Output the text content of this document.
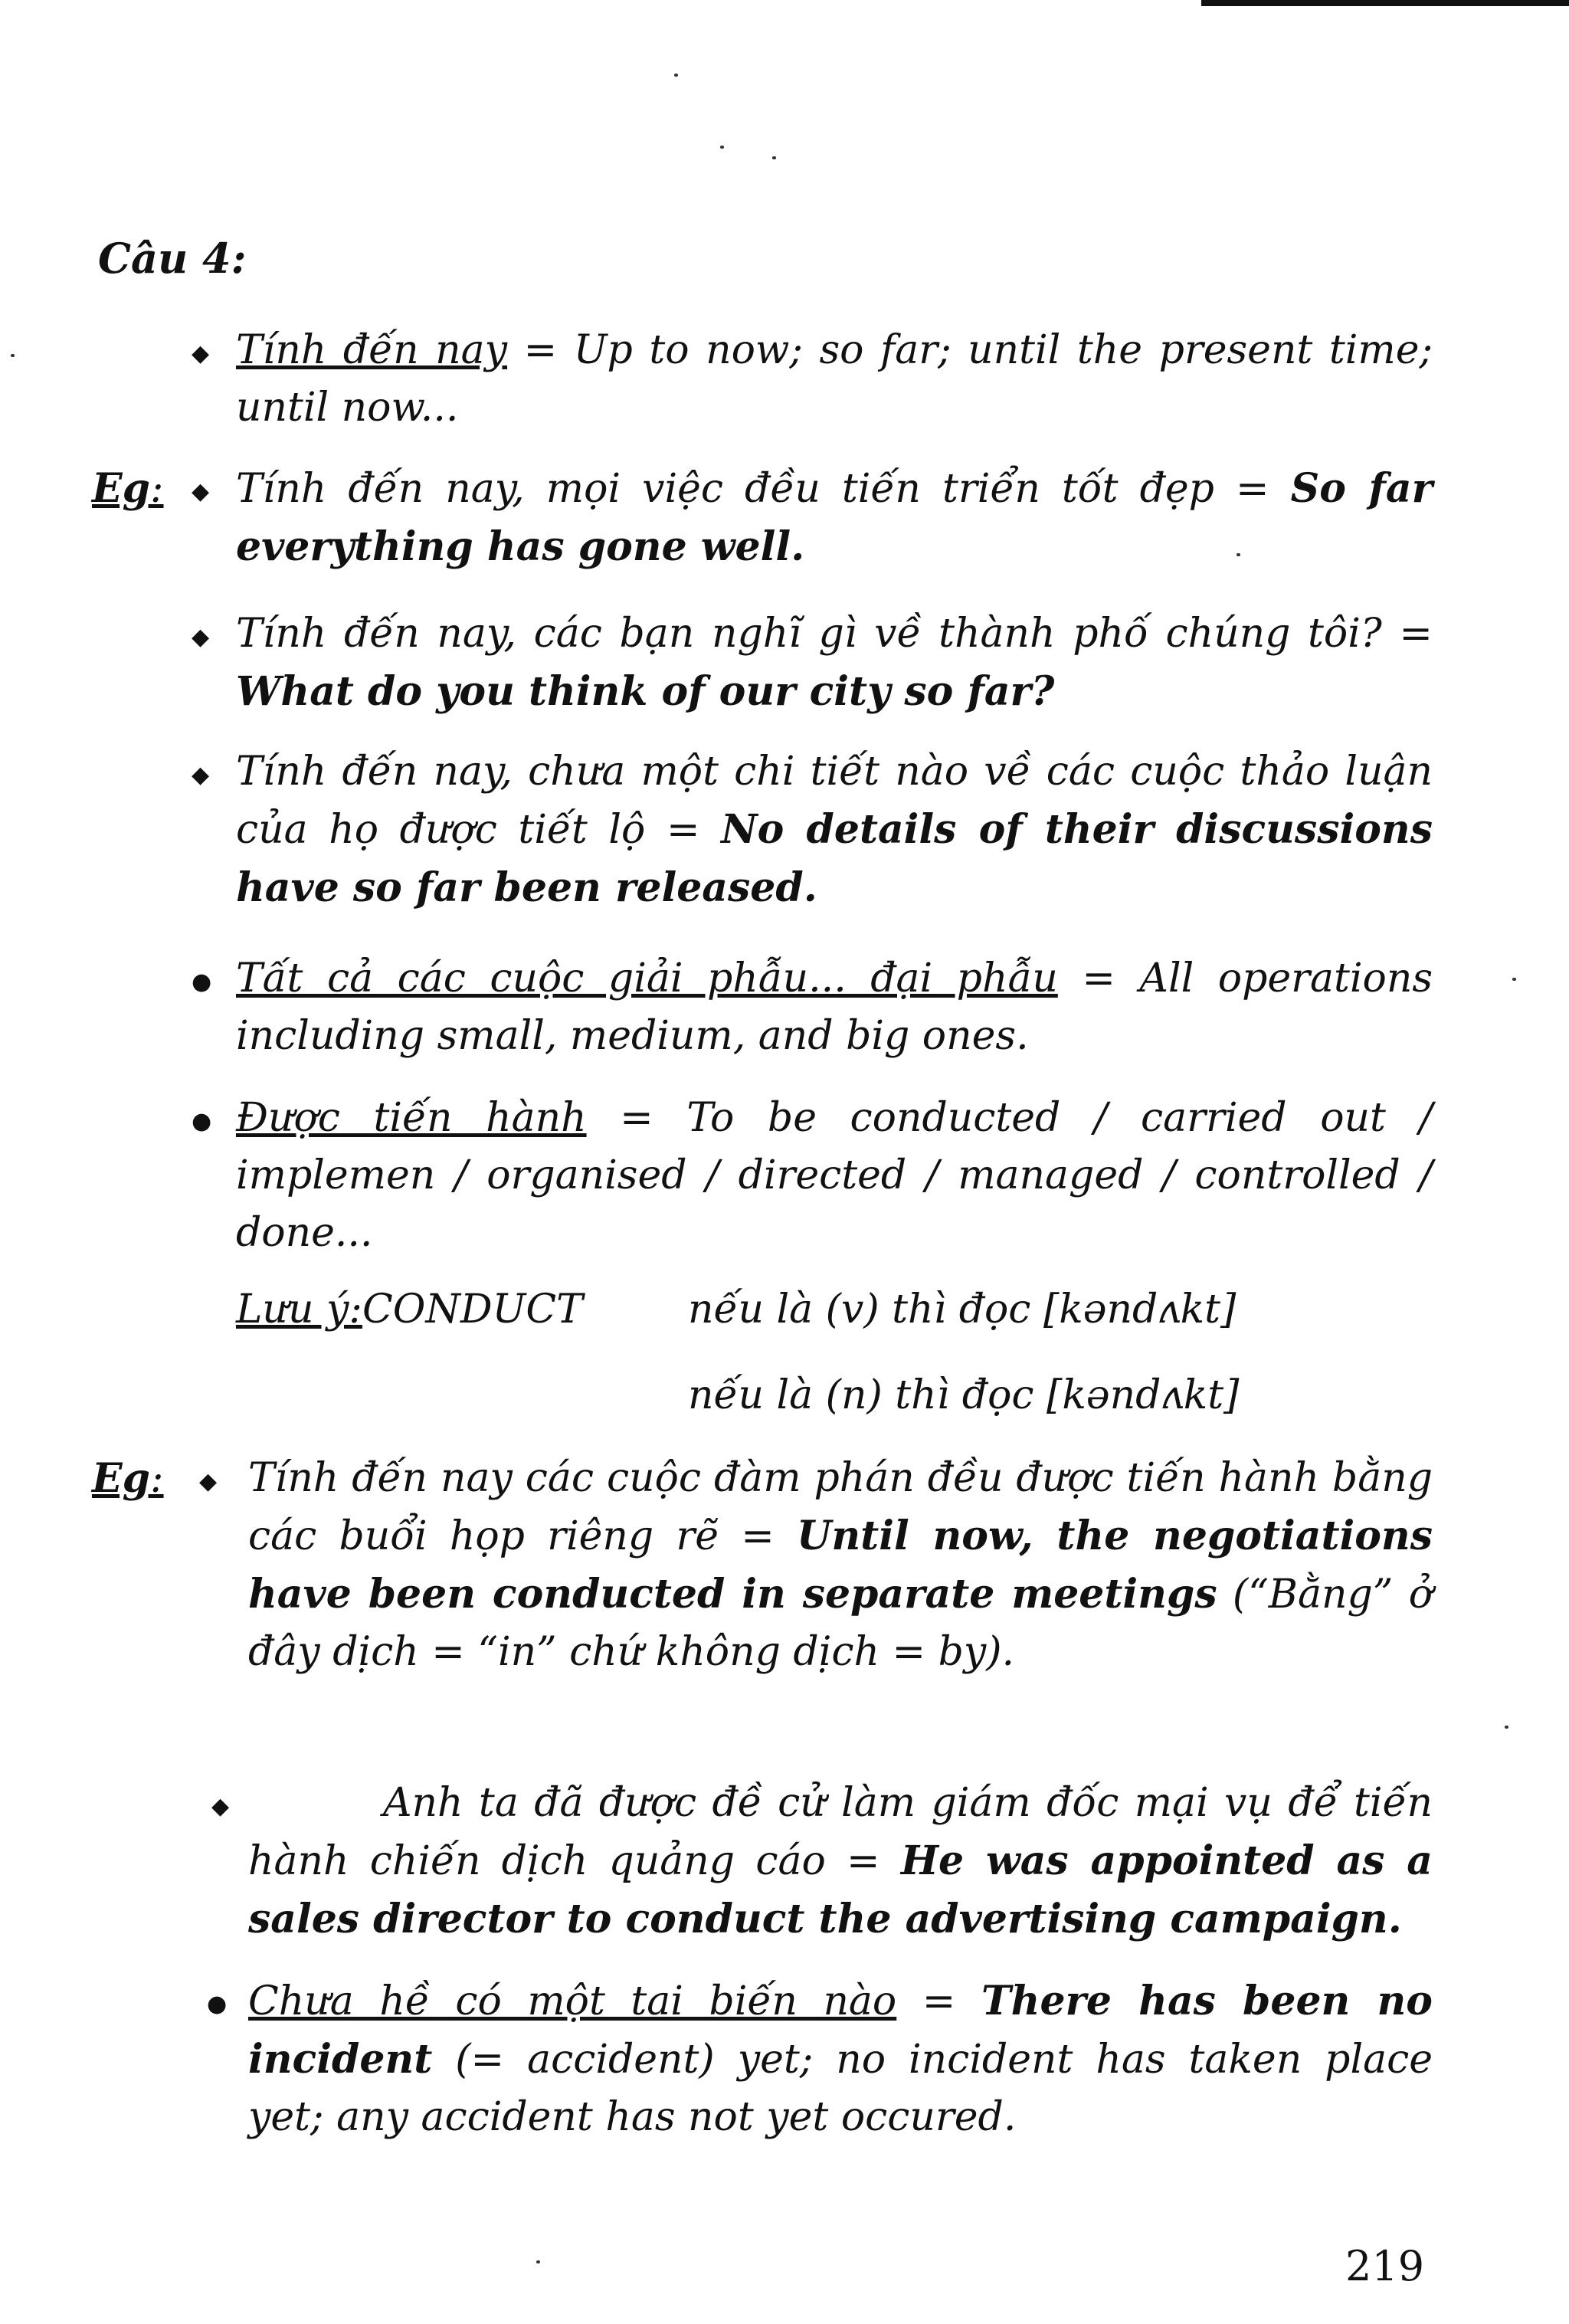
Câu 4:
◆ Tính đến nay = Up to now; so far; until the present time; until now...
Eg: ◆ Tính đến nay, mọi việc đều tiến triển tốt đẹp = So far everything has gone well.
◆ Tính đến nay, các bạn nghĩ gì về thành phố chúng tôi? = What do you think of our city so far?
◆ Tính đến nay, chưa một chi tiết nào về các cuộc thảo luận của họ được tiết lộ = No details of their discussions have so far been released.
● Tất cả các cuộc giải phẫu... đại phẫu = All operations including small, medium, and big ones.
● Được tiến hành = To be conducted / carried out / implemen / organised / directed / managed / controlled / done...
Lưu ý:CONDUCT	nếu là (v) thì đọc [kəndʌkt]
nếu là (n) thì đọc [kəndʌkt]
Eg: ◆ Tính đến nay các cuộc đàm phán đều được tiến hành bằng các buổi họp riêng rẽ = Until now, the negotiations have been conducted in separate meetings (“Bằng” ở đây dịch = “in” chứ không dịch = by).
◆	Anh ta đã được đề cử làm giám đốc mại vụ để tiến hành chiến dịch quảng cáo = He was appointed as a sales director to conduct the advertising campaign.
● Chưa hề có một tai biến nào = There has been no incident (= accident) yet; no incident has taken place yet; any accident has not yet occured.
219
